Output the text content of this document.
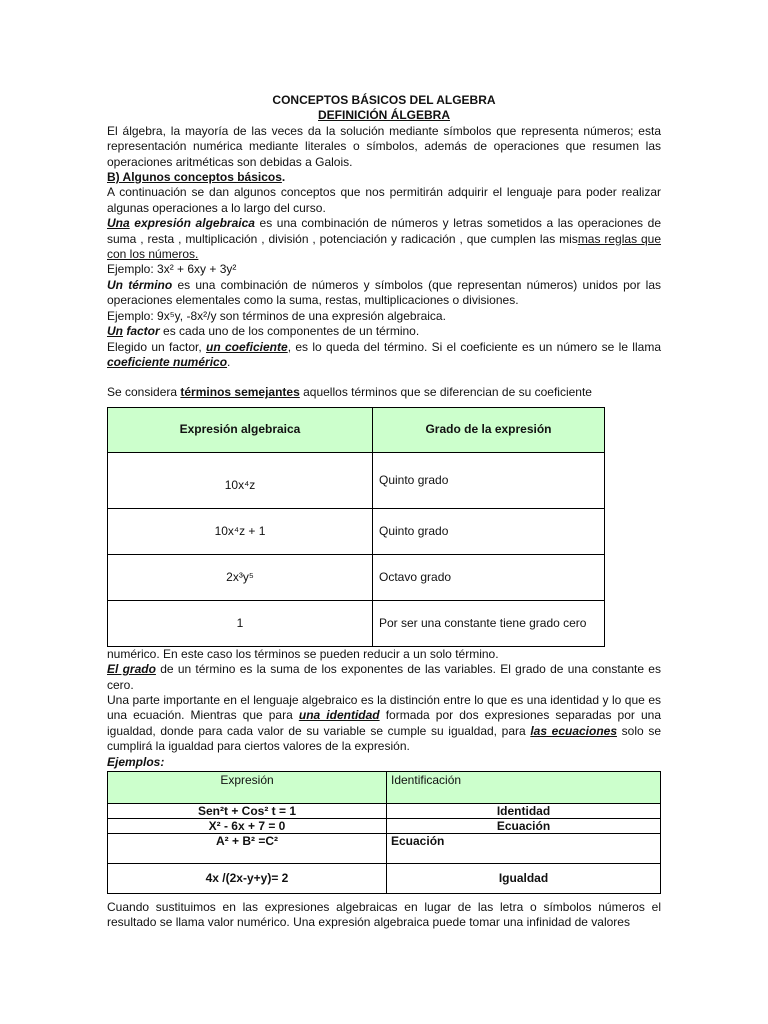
CONCEPTOS BÁSICOS DEL ALGEBRA
DEFINICIÓN ÁLGEBRA

El álgebra, la mayoría de las veces da la solución mediante símbolos que representa números; esta representación numérica mediante literales o símbolos, además de operaciones que resumen las operaciones aritméticas son debidas a Galois.

B) Algunos conceptos básicos.

A continuación se dan algunos conceptos que nos permitirán adquirir el lenguaje para poder realizar algunas operaciones a lo largo del curso.

Una expresión algebraica es una combinación de números y letras sometidos a las operaciones de suma , resta , multiplicación , división , potenciación y radicación , que cumplen las mismas reglas que con los números.

Ejemplo: 3x² + 6xy + 3y²

Un término es una combinación de números y símbolos (que representan números) unidos por las operaciones elementales como la suma, restas, multiplicaciones o divisiones.

Ejemplo: 9x⁵y, -8x²/y son términos de una expresión algebraica.

Un factor es cada uno de los componentes de un término.

Elegido un factor, un coeficiente, es lo queda del término. Si el coeficiente es un número se le llama coeficiente numérico.

Se considera términos semejantes aquellos términos que se diferencian de su coeficiente

Expresión algebraica	Grado de la expresión
10x⁴z	Quinto grado
10x⁴z + 1	Quinto grado
2x³y⁵	Octavo grado
1	Por ser una constante tiene grado cero

numérico. En este caso los términos se pueden reducir a un solo término.

El grado de un término es la suma de los exponentes de las variables. El grado de una constante es cero.

Una parte importante en el lenguaje algebraico es la distinción entre lo que es una identidad y lo que es una ecuación. Mientras que para una identidad formada por dos expresiones separadas por una igualdad, donde para cada valor de su variable se cumple su igualdad, para las ecuaciones solo se cumplirá la igualdad para ciertos valores de la expresión.

Ejemplos:

Expresión	Identificación
Sen²t + Cos² t = 1	Identidad
X² - 6x + 7 = 0	Ecuación
A² + B² =C²	Ecuación
4x /(2x-y+y)= 2	Igualdad

Cuando sustituimos en las expresiones algebraicas en lugar de las letra o símbolos números el resultado se llama valor numérico. Una expresión algebraica puede tomar una infinidad de valores
